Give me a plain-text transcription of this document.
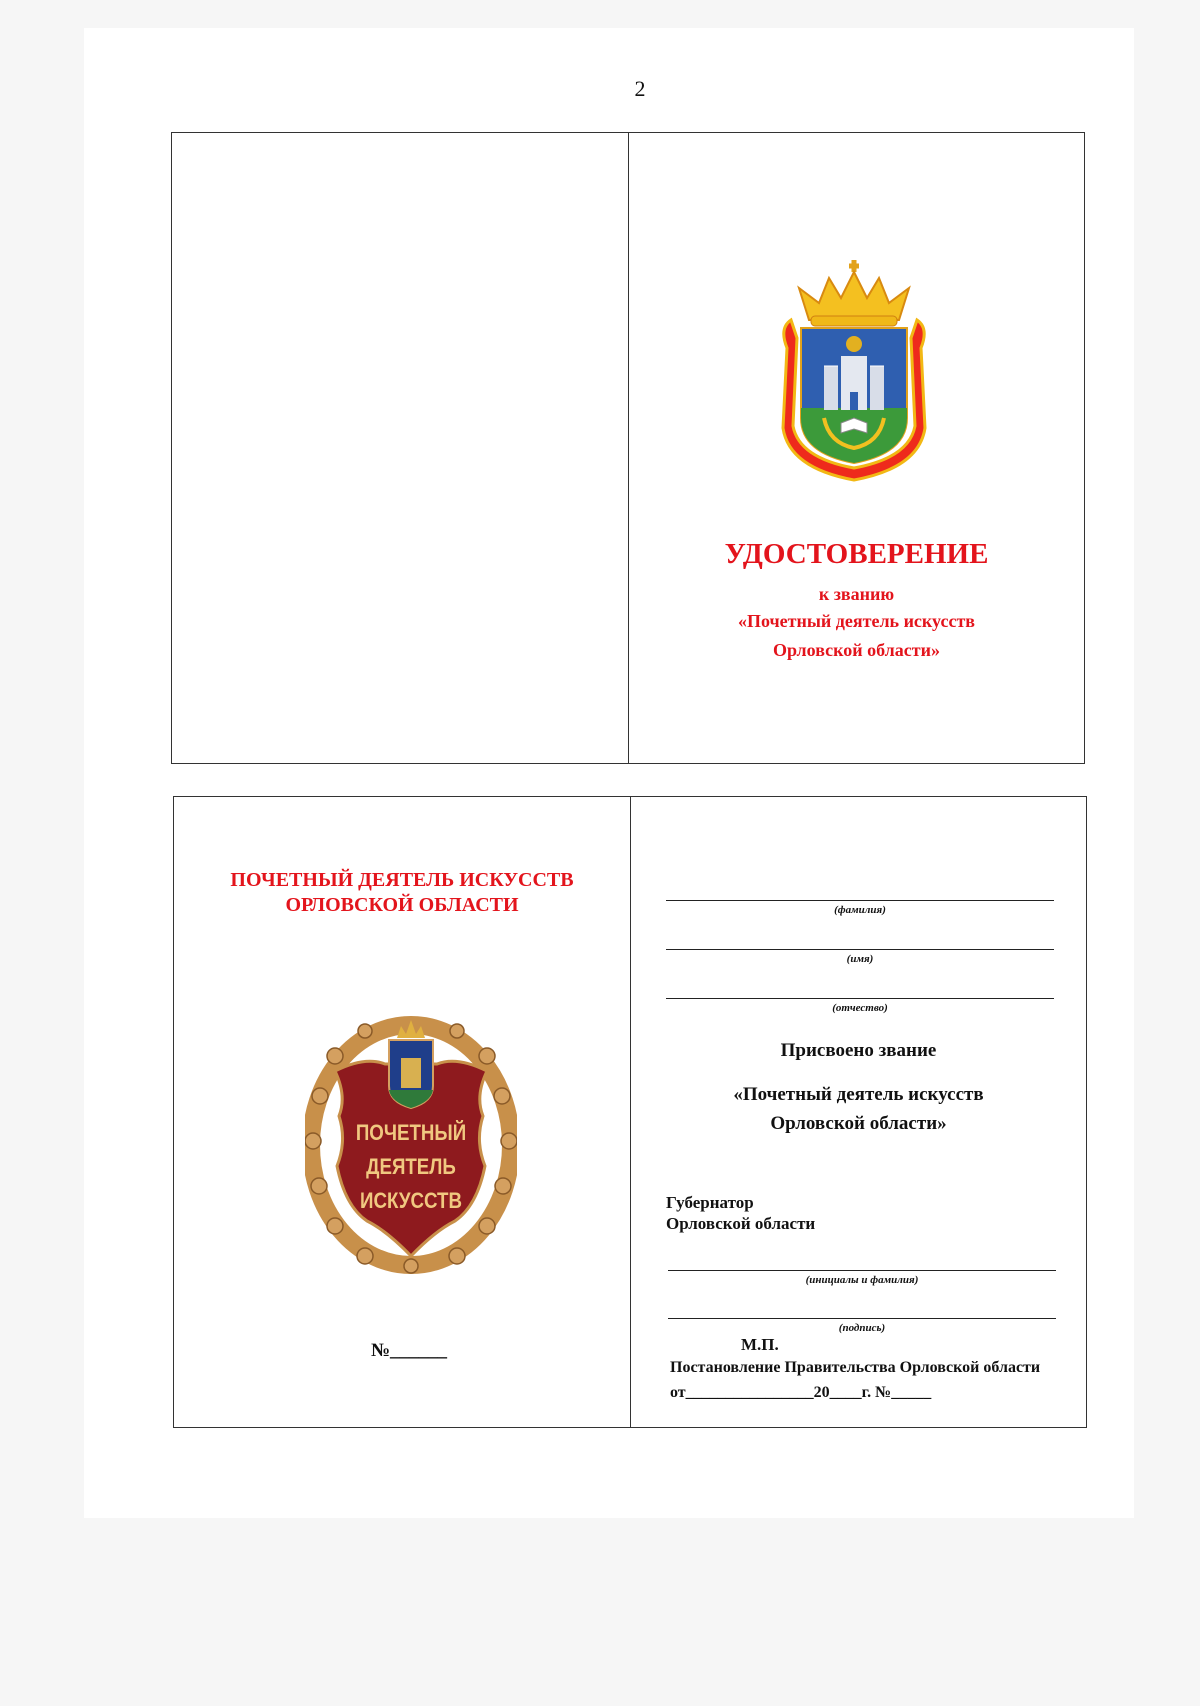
2
УДОСТОВЕРЕНИЕ
к званию
«Почетный деятель искусств
Орловской области»
ПОЧЕТНЫЙ ДЕЯТЕЛЬ ИСКУССТВ
ОРЛОВСКОЙ ОБЛАСТИ
ПОЧЕТНЫЙ
ДЕЯТЕЛЬ
ИСКУССТВ
№______
(фамилия)
(имя)
(отчество)
Присвоено звание
«Почетный деятель искусств
Орловской области»
Губернатор
Орловской области
(инициалы и фамилия)
(подпись)
М.П.
Постановление Правительства Орловской области
от________________20____г. №_____
